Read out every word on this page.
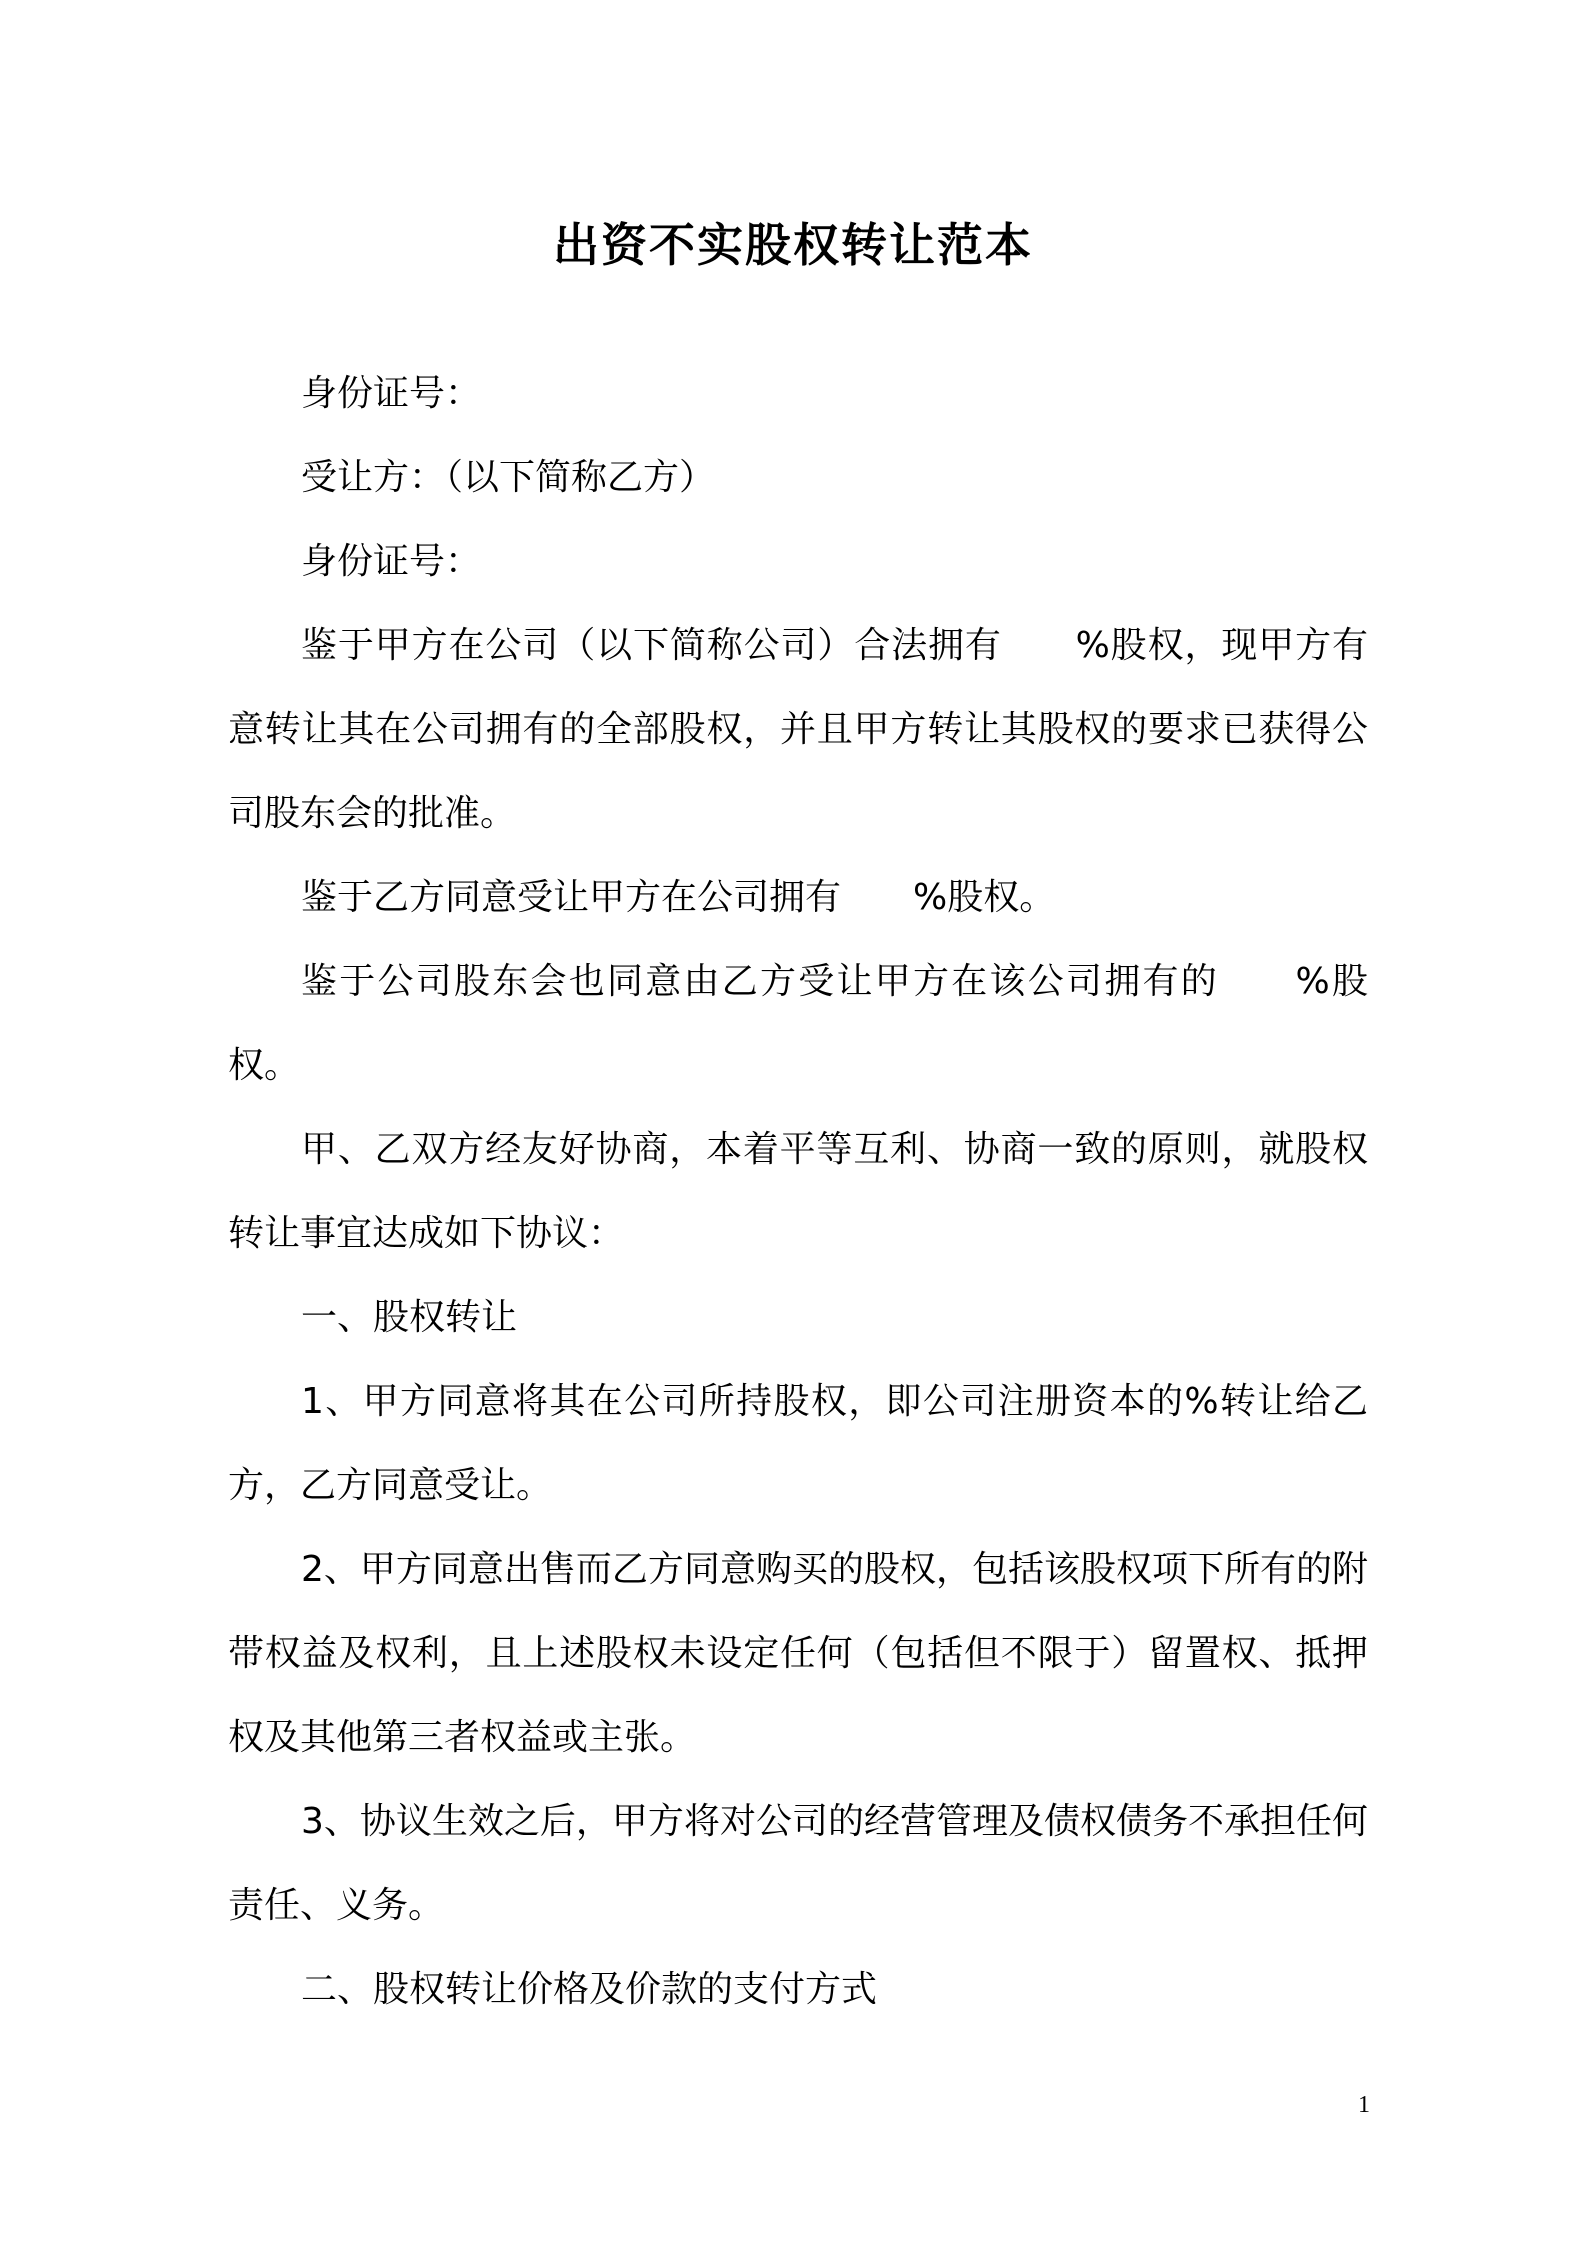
出资不实股权转让范本

身份证号：

受让方：（以下简称乙方）

身份证号：

鉴于甲方在公司（以下简称公司）合法拥有　　%股权，现甲方有意转让其在公司拥有的全部股权，并且甲方转让其股权的要求已获得公司股东会的批准。

鉴于乙方同意受让甲方在公司拥有　　%股权。

鉴于公司股东会也同意由乙方受让甲方在该公司拥有的　　%股权。

甲、乙双方经友好协商，本着平等互利、协商一致的原则，就股权转让事宜达成如下协议：

一、股权转让

1、甲方同意将其在公司所持股权，即公司注册资本的%转让给乙方，乙方同意受让。

2、甲方同意出售而乙方同意购买的股权，包括该股权项下所有的附带权益及权利，且上述股权未设定任何（包括但不限于）留置权、抵押权及其他第三者权益或主张。

3、协议生效之后，甲方将对公司的经营管理及债权债务不承担任何责任、义务。

二、股权转让价格及价款的支付方式

1
